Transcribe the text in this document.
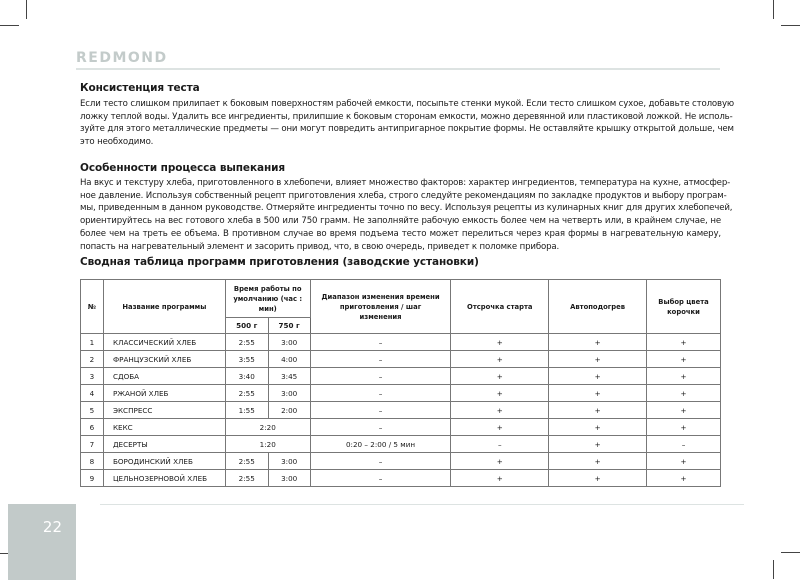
REDMOND
Консистенция теста
Если тесто слишком прилипает к боковым поверхностям рабочей емкости, посыпьте стенки мукой. Если тесто слишком сухое, добавьте столовую
ложку теплой воды. Удалить все ингредиенты, прилипшие к боковым сторонам емкости, можно деревянной или пластиковой ложкой. Не исполь-
зуйте для этого металлические предметы — они могут повредить антипригарное покрытие формы. Не оставляйте крышку открытой дольше, чем
это необходимо.
Особенности процесса выпекания
На вкус и текстуру хлеба, приготовленного в хлебопечи, влияет множество факторов: характер ингредиентов, температура на кухне, атмосфер-
ное давление. Используя собственный рецепт приготовления хлеба, строго следуйте рекомендациям по закладке продуктов и выбору програм-
мы, приведенным в данном руководстве. Отмеряйте ингредиенты точно по весу. Используя рецепты из кулинарных книг для других хлебопечей,
ориентируйтесь на вес готового хлеба в 500 или 750 грамм. Не заполняйте рабочую емкость более чем на четверть или, в крайнем случае, не
более чем на треть ее объема. В противном случае во время подъема тесто может перелиться через края формы в нагревательную камеру,
попасть на нагревательный элемент и засорить привод, что, в свою очередь, приведет к поломке прибора.
Сводная таблица программ приготовления (заводские установки)
№	Название программы	Время работы по умолчанию (час : мин)		Диапазон изменения времени приготовления / шаг изменения	Отсрочка старта	Автоподогрев	Выбор цвета корочки
		500 г	750 г				
1	КЛАССИЧЕСКИЙ ХЛЕБ	2:55	3:00	–	+	+	+
2	ФРАНЦУЗСКИЙ ХЛЕБ	3:55	4:00	–	+	+	+
3	СДОБА	3:40	3:45	–	+	+	+
4	РЖАНОЙ ХЛЕБ	2:55	3:00	–	+	+	+
5	ЭКСПРЕСС	1:55	2:00	–	+	+	+
6	КЕКС	2:20		–	+	+	+
7	ДЕСЕРТЫ	1:20		0:20 – 2:00 / 5 мин	–	+	–
8	БОРОДИНСКИЙ ХЛЕБ	2:55	3:00	–	+	+	+
9	ЦЕЛЬНОЗЕРНОВОЙ ХЛЕБ	2:55	3:00	–	+	+	+
22
